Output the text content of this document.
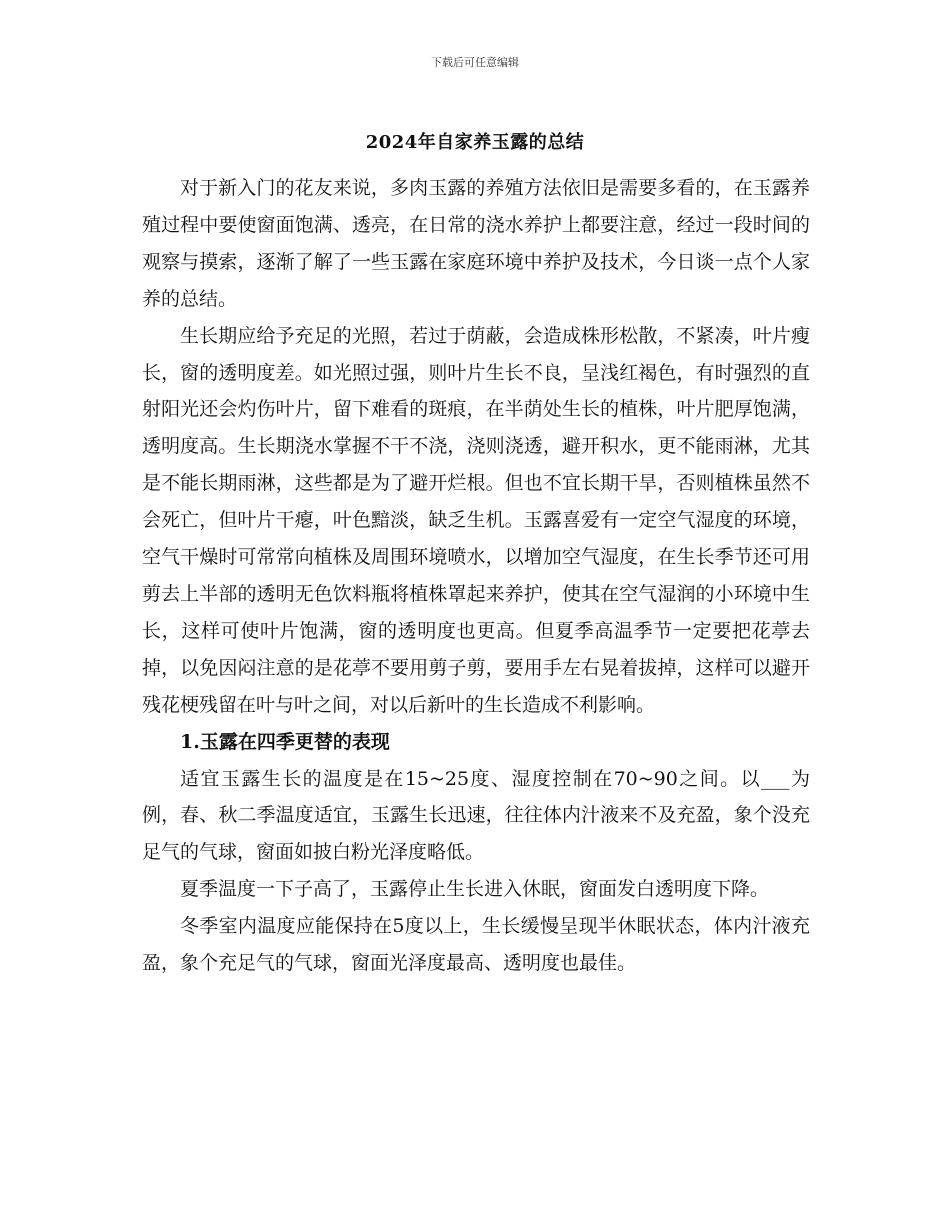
下载后可任意编辑
2024年自家养玉露的总结

对于新入门的花友来说，多肉玉露的养殖方法依旧是需要多看的，在玉露养殖过程中要使窗面饱满、透亮，在日常的浇水养护上都要注意，经过一段时间的观察与摸索，逐渐了解了一些玉露在家庭环境中养护及技术，今日谈一点个人家养的总结。

生长期应给予充足的光照，若过于荫蔽，会造成株形松散，不紧凑，叶片瘦长，窗的透明度差。如光照过强，则叶片生长不良，呈浅红褐色，有时强烈的直射阳光还会灼伤叶片，留下难看的斑痕，在半荫处生长的植株，叶片肥厚饱满，透明度高。生长期浇水掌握不干不浇，浇则浇透，避开积水，更不能雨淋，尤其是不能长期雨淋，这些都是为了避开烂根。但也不宜长期干旱，否则植株虽然不会死亡，但叶片干瘪，叶色黯淡，缺乏生机。玉露喜爱有一定空气湿度的环境，空气干燥时可常常向植株及周围环境喷水，以增加空气湿度，在生长季节还可用剪去上半部的透明无色饮料瓶将植株罩起来养护，使其在空气湿润的小环境中生长，这样可使叶片饱满，窗的透明度也更高。但夏季高温季节一定要把花葶去掉，以免因闷注意的是花葶不要用剪子剪，要用手左右晃着拔掉，这样可以避开残花梗残留在叶与叶之间，对以后新叶的生长造成不利影响。

1.玉露在四季更替的表现

适宜玉露生长的温度是在15~25度、湿度控制在70~90之间。以___为例，春、秋二季温度适宜，玉露生长迅速，往往体内汁液来不及充盈，象个没充足气的气球，窗面如披白粉光泽度略低。

夏季温度一下子高了，玉露停止生长进入休眠，窗面发白透明度下降。

冬季室内温度应能保持在5度以上，生长缓慢呈现半休眠状态，体内汁液充盈，象个充足气的气球，窗面光泽度最高、透明度也最佳。
